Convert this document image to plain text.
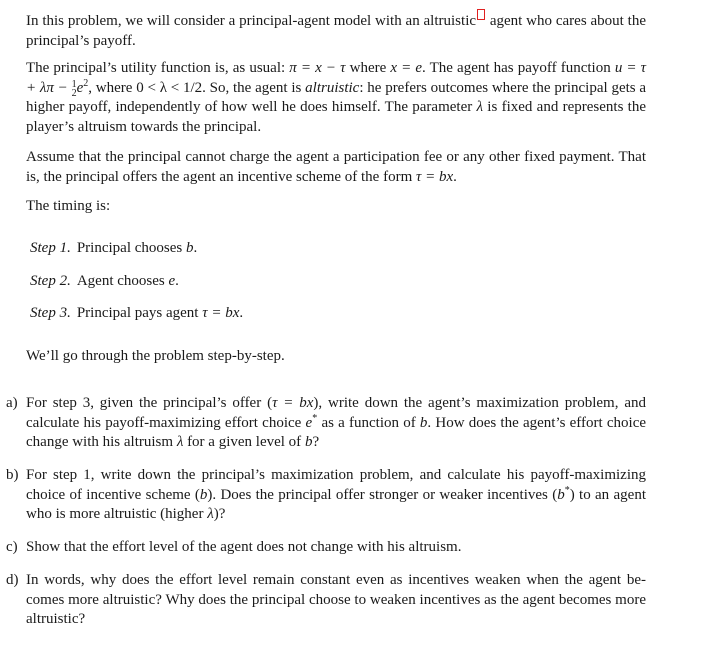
In this problem, we will consider a principal-agent model with an altruistic agent who cares about the principal’s payoff.
The principal’s utility function is, as usual: π = x − τ where x = e. The agent has payoff function u = τ + λπ − 1
2 $e^2$, where 0 < λ < 1/2. So, the agent is altruistic: he prefers outcomes where the principal gets a higher payoff, independently of how well he does himself. The parameter λ is fixed and represents the player’s altruism towards the principal.
Assume that the principal cannot charge the agent a participation fee or any other fixed payment. That is, the principal offers the agent an incentive scheme of the form τ = bx.
The timing is:
Step 1. Principal chooses b.
Step 2. Agent chooses e.
Step 3. Principal pays agent τ = bx.
We’ll go through the problem step-by-step.
a) For step 3, given the principal’s offer (τ = bx), write down the agent’s maximization problem, and calculate his payoff-maximizing effort choice e* as a function of b. How does the agent’s effort choice change with his altruism λ for a given level of b?
b) For step 1, write down the principal’s maximization problem, and calculate his payoff-maximizing choice of incentive scheme (b). Does the principal offer stronger or weaker incentives (b*) to an agent who is more altruistic (higher λ)?
c) Show that the effort level of the agent does not change with his altruism.
d) In words, why does the effort level remain constant even as incentives weaken when the agent be- comes more altruistic? Why does the principal choose to weaken incentives as the agent becomes more altruistic?
